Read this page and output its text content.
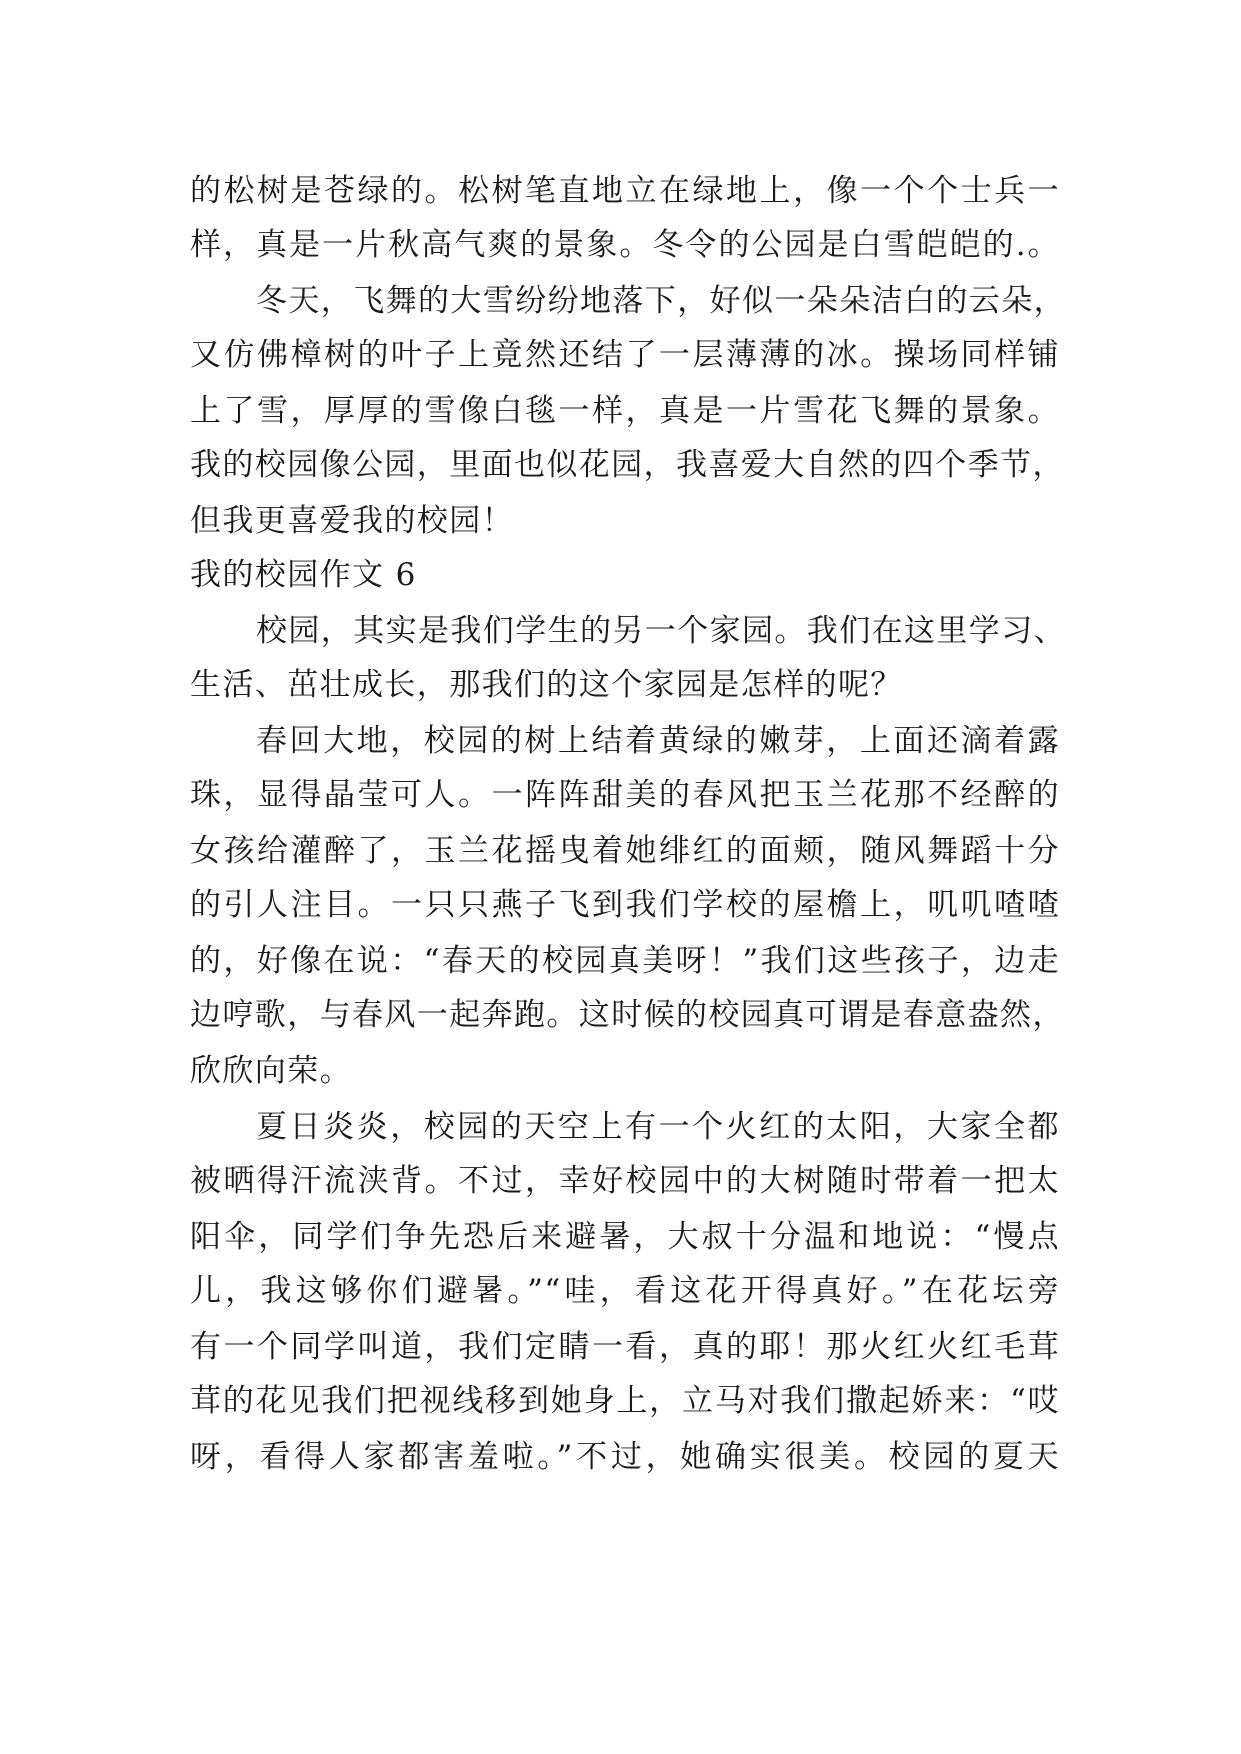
的松树是苍绿的。松树笔直地立在绿地上，像一个个士兵一
样，真是一片秋高气爽的景象。冬令的公园是白雪皑皑的.。
冬天，飞舞的大雪纷纷地落下，好似一朵朵洁白的云朵，
又仿佛樟树的叶子上竟然还结了一层薄薄的冰。操场同样铺
上了雪，厚厚的雪像白毯一样，真是一片雪花飞舞的景象。
我的校园像公园，里面也似花园，我喜爱大自然的四个季节，
但我更喜爱我的校园！
我的校园作文 6
校园，其实是我们学生的另一个家园。我们在这里学习、
生活、茁壮成长，那我们的这个家园是怎样的呢？
春回大地，校园的树上结着黄绿的嫩芽，上面还滴着露
珠，显得晶莹可人。一阵阵甜美的春风把玉兰花那不经醉的
女孩给灌醉了，玉兰花摇曳着她绯红的面颊，随风舞蹈十分
的引人注目。一只只燕子飞到我们学校的屋檐上，叽叽喳喳
的，好像在说：“春天的校园真美呀！”我们这些孩子，边走
边哼歌，与春风一起奔跑。这时候的校园真可谓是春意盎然，
欣欣向荣。
夏日炎炎，校园的天空上有一个火红的太阳，大家全都
被晒得汗流浃背。不过，幸好校园中的大树随时带着一把太
阳伞，同学们争先恐后来避暑，大叔十分温和地说：“慢点
儿，我这够你们避暑。”“哇，看这花开得真好。”在花坛旁
有一个同学叫道，我们定睛一看，真的耶！那火红火红毛茸
茸的花见我们把视线移到她身上，立马对我们撒起娇来：“哎
呀，看得人家都害羞啦。”不过，她确实很美。校园的夏天
